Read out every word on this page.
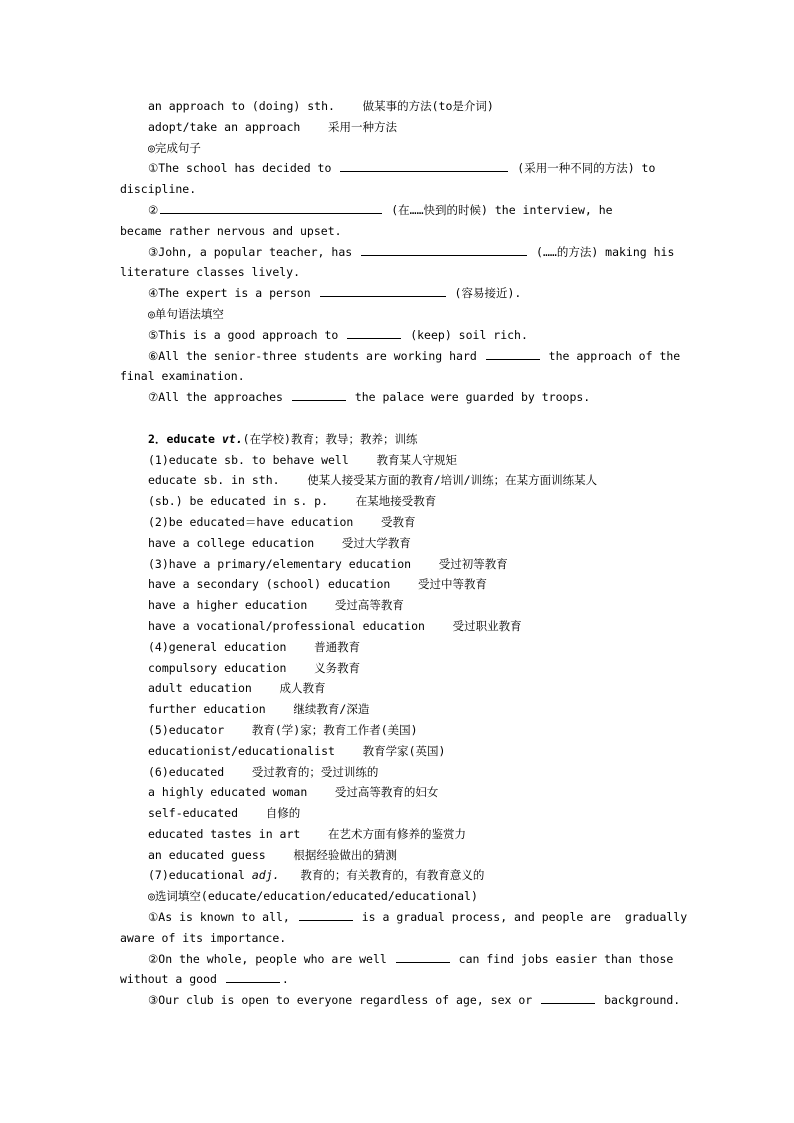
an approach to (doing) sth.    做某事的方法(to是介词)
adopt/take an approach    采用一种方法
◎完成句子
①The school has decided to	(采用一种不同的方法) to
discipline.
②	(在……快到的时候) the interview, he
became rather nervous and upset.
③John, a popular teacher, has	(……的方法) making his
literature classes lively.
④The expert is a person	(容易接近).
◎单句语法填空
⑤This is a good approach to	(keep) soil rich.
⑥All the senior-three students are working hard	the approach of the
final examination.
⑦All the approaches	the palace were guarded by troops.
2．educate vt.(在学校)教育；教导；教养；训练
(1)educate sb. to behave well    教育某人守规矩
educate sb. in sth.    使某人接受某方面的教育/培训/训练；在某方面训练某人
(sb.) be educated in s. p.    在某地接受教育
(2)be educated＝have education    受教育
have a college education    受过大学教育
(3)have a primary/elementary education    受过初等教育
have a secondary (school) education    受过中等教育
have a higher education    受过高等教育
have a vocational/professional education    受过职业教育
(4)general education    普通教育
compulsory education    义务教育
adult education    成人教育
further education    继续教育/深造
(5)educator    教育(学)家；教育工作者(美国)
educationist/educationalist    教育学家(英国)
(6)educated    受过教育的；受过训练的
a highly educated woman    受过高等教育的妇女
self-educated    自修的
educated tastes in art    在艺术方面有修养的鉴赏力
an educated guess    根据经验做出的猜测
(7)educational adj.   教育的；有关教育的，有教育意义的
◎选词填空(educate/education/educated/educational)
①As is known to all,	is a gradual process, and people are  gradually
aware of its importance.
②On the whole, people who are well	can find jobs easier than those
without a good	.
③Our club is open to everyone regardless of age, sex or	background.
